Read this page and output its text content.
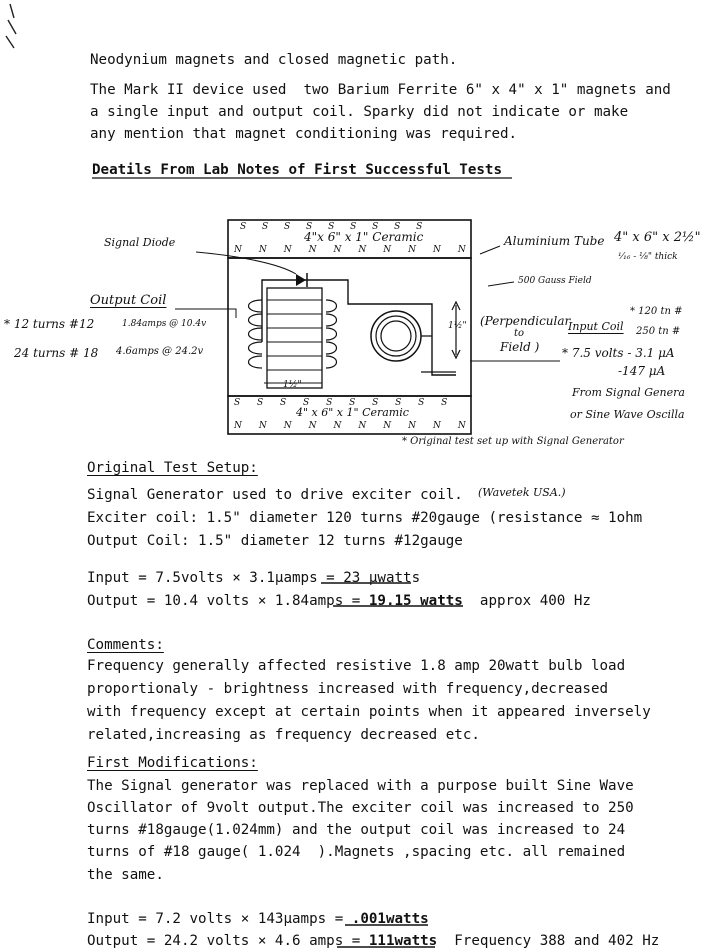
Neodynium magnets and closed magnetic path.
The Mark II device used  two Barium Ferrite 6" x 4" x 1" magnets and
a single input and output coil. Sparky did not indicate or make
any mention that magnet conditioning was required.
Deatils From Lab Notes of First Successful Tests
SSSSSSSSS
4"x 6" x 1" Ceramic
NNNNNNNNNN
SSSSSSSSSS
4" x 6" x 1" Ceramic
NNNNNNNNNN
Signal Diode	Aluminium Tube 4" x 6" x 2½"
¹⁄₁₆ - ⅛" thick
500 Gauss Field
Output Coil
* 12 turns #12	1.84amps @ 10.4v
24 turns # 18 4.6amps @ 24.2v
1½"
1½"
(Perpendicular
to
Field )
Input Coil
* 120 tn #
250 tn #
* 7.5 volts - 3.1 μA
-147 μA
From Signal Genera
or Sine Wave Oscilla
* Original test set up with Signal Generator
Original Test Setup:
Signal Generator used to drive exciter coil. (Wavetek USA.)
Exciter coil: 1.5" diameter 120 turns #20gauge (resistance ≈ 1ohm
Output Coil: 1.5" diameter 12 turns #12gauge
Input = 7.5volts × 3.1μamps = 23 μwatts
Output = 10.4 volts × 1.84amps = 19.15 watts  approx 400 Hz
Comments:
Frequency generally affected resistive 1.8 amp 20watt bulb load
proportionaly - brightness increased with frequency,decreased
with frequency except at certain points when it appeared inversely
related,increasing as frequency decreased etc.
First Modifications:
The Signal generator was replaced with a purpose built Sine Wave
Oscillator of 9volt output.The exciter coil was increased to 250
turns #18gauge(1.024mm) and the output coil was increased to 24
turns of #18 gauge( 1.024  ).Magnets ,spacing etc. all remained
the same.
Input = 7.2 volts × 143μamps = .001watts
Output = 24.2 volts × 4.6 amps = 111watts  Frequency 388 and 402 Hz
